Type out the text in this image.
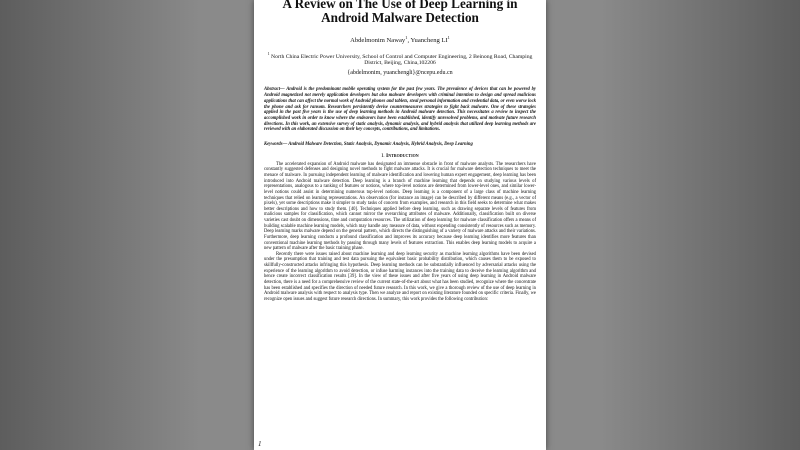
A Review on The Use of Deep Learning in Android Malware Detection
Abdelmonim Naway$^1$, Yuancheng $LI^1$
$^1$ North China Electric Power University, School of Control and Computer Engineering, 2 Beinong Road, Champing District, Beijing, China,102206
{abdelmonim, yuanchengli}@ncepu.edu.cn
Abstract— Android is the predominant mobile operating system for the past few years. The prevalence of devices that can be powered by Android magnetized not merely application developers but also malware developers with criminal intention to design and spread malicious applications that can affect the normal work of Android phones and tablets, steal personal information and credential data, or even worse lock the phone and ask for ransom. Researchers persistently devise countermeasures strategies to fight back malware. One of these strategies applied in the past five years is the use of deep learning methods in Android malware detection. This necessitates a review to inspect the accomplished work in order to know where the endeavors have been established, identify unresolved problems, and motivate future research directions. In this work, an extensive survey of static analysis, dynamic analysis, and hybrid analysis that utilized deep learning methods are reviewed with an elaborated discussion on their key concepts, contributions, and limitations.
Keywords— Android Malware Detection, Static Analysis, Dynamic Analysis, Hybrid Analysis, Deep Learning
I. Introduction

The accelerated expansion of Android malware has designated an immense obstacle in front of malware analysts. The researchers have constantly suggested defenses and designing novel methods to fight malware attacks. It is crucial for malware detection techniques to meet the menace of malware. In pursuing independent learning of malware identification and lowering human expert engagement, deep learning has been introduced into Android malware detection. Deep learning is a branch of machine learning that depends on studying various levels of representations, analogous to a ranking of features or notions, where top-level notions are determined from lower-level ones, and similar lower- level notions could assist in determining numerous top-level notions. Deep learning is a component of a large class of machine learning techniques that relied on learning representations. An observation (for instance an image) can be described by different means (e.g., a vector of pixels), yet some descriptions make it simpler to study tasks of concern from examples, and research in this field seeks to determine what makes better descriptions and how to study them. [40]. Techniques applied before deep learning, such as drawing separate levels of features from malicious samples for classification, which cannot mirror the overarching attributes of malware. Additionally, classification built on diverse varieties cast doubt on dimensions, time and computation resources. The utilization of deep learning for malware classification offers a means of building scalable machine learning models, which may handle any measure of data, without expending consistently of resources such as memory. Deep learning marks malware depend on the general pattern, which directs the distinguishing of a variety of malware attacks and their variations. Furthermore, deep learning conducts a profound classification and improves its accuracy because deep learning identifies more features than conventional machine learning methods by passing through many levels of features extraction. This enables deep learning models to acquire a new pattern of malware after the basic training phase.

Recently there were issues raised about machine learning and deep learning security as machine learning algorithms have been devised under the presumption that training and test data pursuing the equivalent basic probability distribution, which causes them to be exposed to skillfully-constructed attacks infringing this hypothesis. Deep learning methods can be substantially influenced by adversarial attacks using the experience of the learning algorithm to avoid detection, or infuse harming instances into the training data to deceive the learning algorithm and hence create incorrect classification results [39]. In the view of these issues and after five years of using deep learning in Android malware detection, there is a need for a comprehensive review of the current state-of-the-art about what has been studied, recognize where the concentrate has been established and specifies the direction of needed future research. In this work, we give a thorough review of the use of deep learning in Android malware analysis with respect to analysis type. Then we analyze and report on existing literature founded on specific criteria. Finally, we recognize open issues and suggest future research directions. In summary, this work provides the following contribution:

1
